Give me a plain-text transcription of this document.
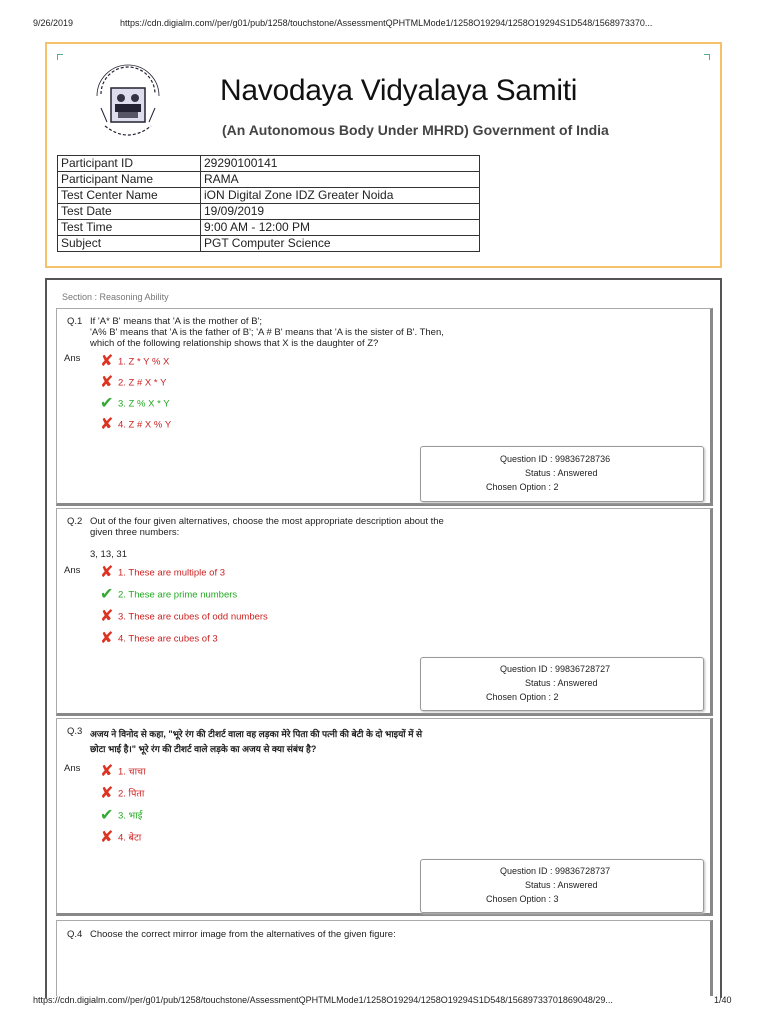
9/26/2019	https://cdn.digialm.com//per/g01/pub/1258/touchstone/AssessmentQPHTMLMode1/1258O19294/1258O19294S1D548/1568973370...
https://cdn.digialm.com//per/g01/pub/1258/touchstone/AssessmentQPHTMLMode1/1258O19294/1258O19294S1D548/15689733701869048/29...	1/40
Navodaya Vidyalaya Samiti
(An Autonomous Body Under MHRD) Government of India
Participant ID	29290100141
Participant Name	RAMA
Test Center Name	iON Digital Zone IDZ Greater Noida
Test Date	19/09/2019
Test Time	9:00 AM - 12:00 PM
Subject	PGT Computer Science
Section : Reasoning Ability
Q.1 If 'A* B' means that 'A is the mother of B';
'A% B' means that 'A is the father of B'; 'A # B' means that 'A is the sister of B'. Then,
which of the following relationship shows that X is the daughter of Z?
Ans ✘ 1. Z * Y % X
✘ 2. Z # X * Y
✔ 3. Z % X * Y
✘ 4. Z # X % Y
Question ID : 99836728736
Status : Answered
Chosen Option : 2
Q.2 Out of the four given alternatives, choose the most appropriate description about the
given three numbers:
3, 13, 31
Ans ✘ 1. These are multiple of 3
✔ 2. These are prime numbers
✘ 3. These are cubes of odd numbers
✘ 4. These are cubes of 3
Question ID : 99836728727
Status : Answered
Chosen Option : 2
Q.3 अजय ने विनोद से कहा, "भूरे रंग की टीशर्ट वाला वह लड़का मेरे पिता की पत्नी की बेटी के दो भाइयों में से
छोटा भाई है।" भूरे रंग की टीशर्ट वाले लड़के का अजय से क्या संबंध है?
Ans ✘ 1. चाचा
✘ 2. पिता
✔ 3. भाई
✘ 4. बेटा
Question ID : 99836728737
Status : Answered
Chosen Option : 3
Q.4 Choose the correct mirror image from the alternatives of the given figure:
